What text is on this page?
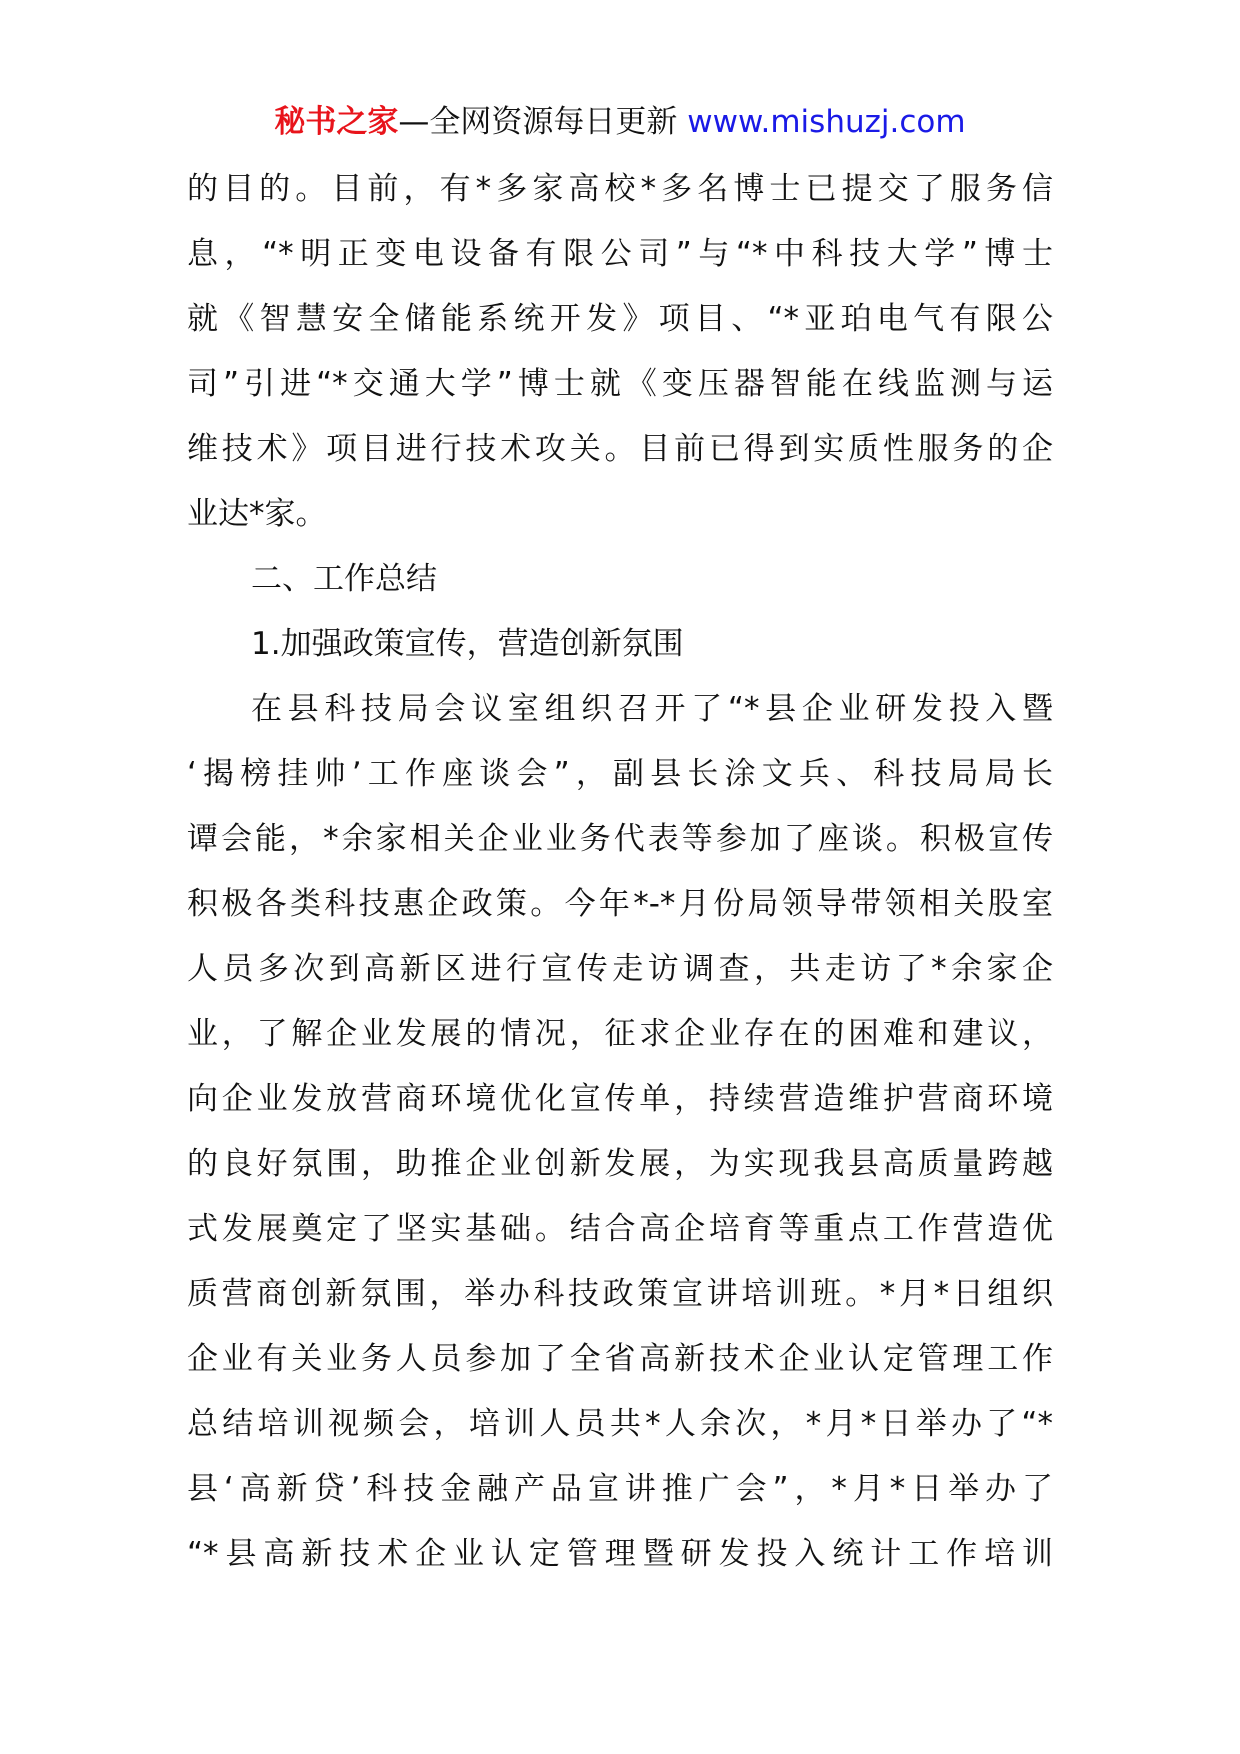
秘书之家—全网资源每日更新 www.mishuzj.com
的目的。目前，有*多家高校*多名博士已提交了服务信
息，“*明正变电设备有限公司”与“*中科技大学”博士
就《智慧安全储能系统开发》项目、“*亚珀电气有限公
司”引进“*交通大学”博士就《变压器智能在线监测与运
维技术》项目进行技术攻关。目前已得到实质性服务的企
业达*家。
二、工作总结
1.加强政策宣传，营造创新氛围
在县科技局会议室组织召开了“*县企业研发投入暨
‘揭榜挂帅’工作座谈会”，副县长涂文兵、科技局局长
谭会能，*余家相关企业业务代表等参加了座谈。积极宣传
积极各类科技惠企政策。今年*-*月份局领导带领相关股室
人员多次到高新区进行宣传走访调查，共走访了*余家企
业，了解企业发展的情况，征求企业存在的困难和建议，
向企业发放营商环境优化宣传单，持续营造维护营商环境
的良好氛围，助推企业创新发展，为实现我县高质量跨越
式发展奠定了坚实基础。结合高企培育等重点工作营造优
质营商创新氛围，举办科技政策宣讲培训班。*月*日组织
企业有关业务人员参加了全省高新技术企业认定管理工作
总结培训视频会，培训人员共*人余次，*月*日举办了“*
县‘高新贷’科技金融产品宣讲推广会”，*月*日举办了
“*县高新技术企业认定管理暨研发投入统计工作培训
